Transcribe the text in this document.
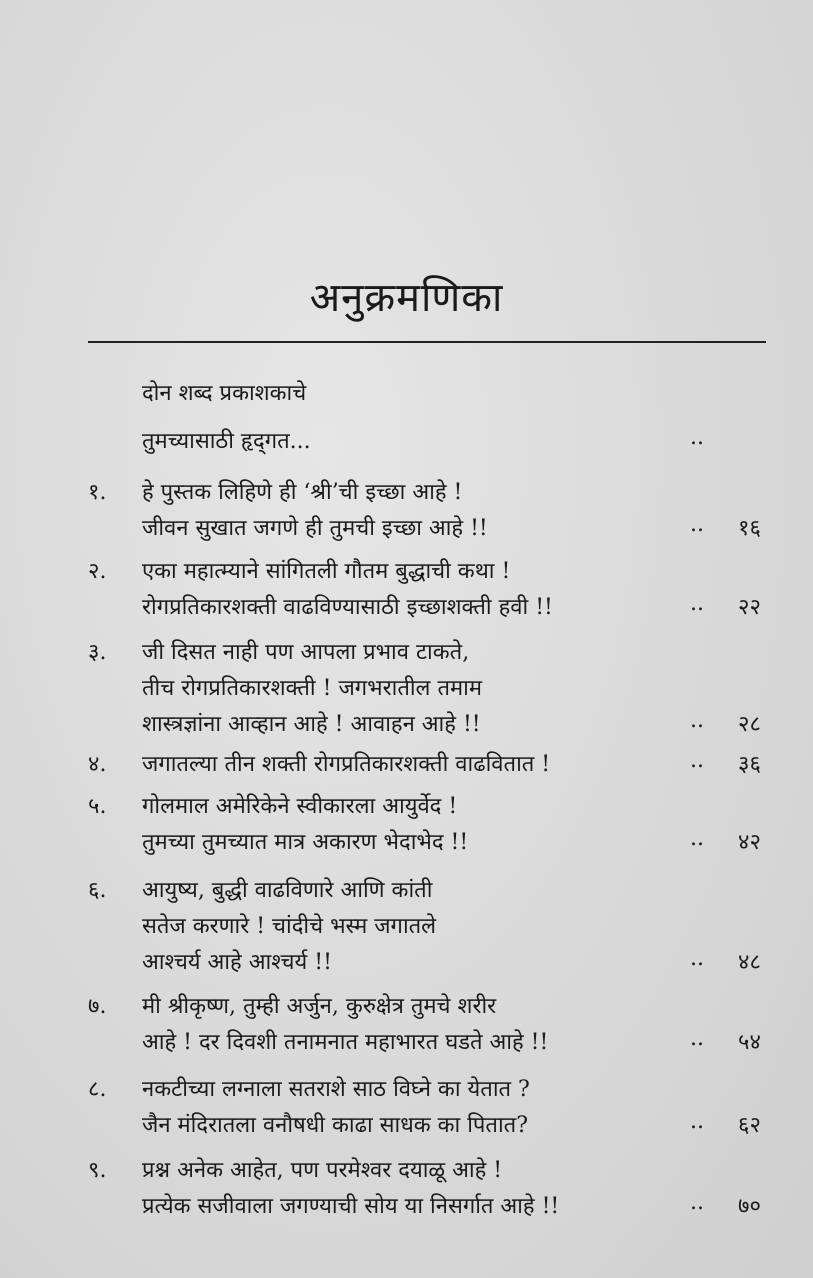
अनुक्रमणिका
दोन शब्द प्रकाशकाचे
तुमच्यासाठी हृद्‌गत...	..
१. हे पुस्तक लिहिणे ही ‘श्री’ची इच्छा आहे !
जीवन सुखात जगणे ही तुमची इच्छा आहे !!	.. १६
२. एका महात्म्याने सांगितली गौतम बुद्धाची कथा !
रोगप्रतिकारशक्ती वाढविण्यासाठी इच्छाशक्ती हवी !!	.. २२
३. जी दिसत नाही पण आपला प्रभाव टाकते,
तीच रोगप्रतिकारशक्ती ! जगभरातील तमाम
शास्त्रज्ञांना आव्हान आहे ! आवाहन आहे !!	.. २८
४. जगातल्या तीन शक्ती रोगप्रतिकारशक्ती वाढवितात !	.. ३६
५. गोलमाल अमेरिकेने स्वीकारला आयुर्वेद !
तुमच्या तुमच्यात मात्र अकारण भेदाभेद !!	.. ४२
६. आयुष्य, बुद्धी वाढविणारे आणि कांती
सतेज करणारे ! चांदीचे भस्म जगातले
आश्चर्य आहे आश्चर्य !!	.. ४८
७. मी श्रीकृष्ण, तुम्ही अर्जुन, कुरुक्षेत्र तुमचे शरीर
आहे ! दर दिवशी तनामनात महाभारत घडते आहे !!	.. ५४
८. नकटीच्या लग्नाला सतराशे साठ विघ्ने का येतात ?
जैन मंदिरातला वनौषधी काढा साधक का पितात?	.. ६२
९. प्रश्न अनेक आहेत, पण परमेश्वर दयाळू आहे !
प्रत्येक सजीवाला जगण्याची सोय या निसर्गात आहे !!	.. ७०
